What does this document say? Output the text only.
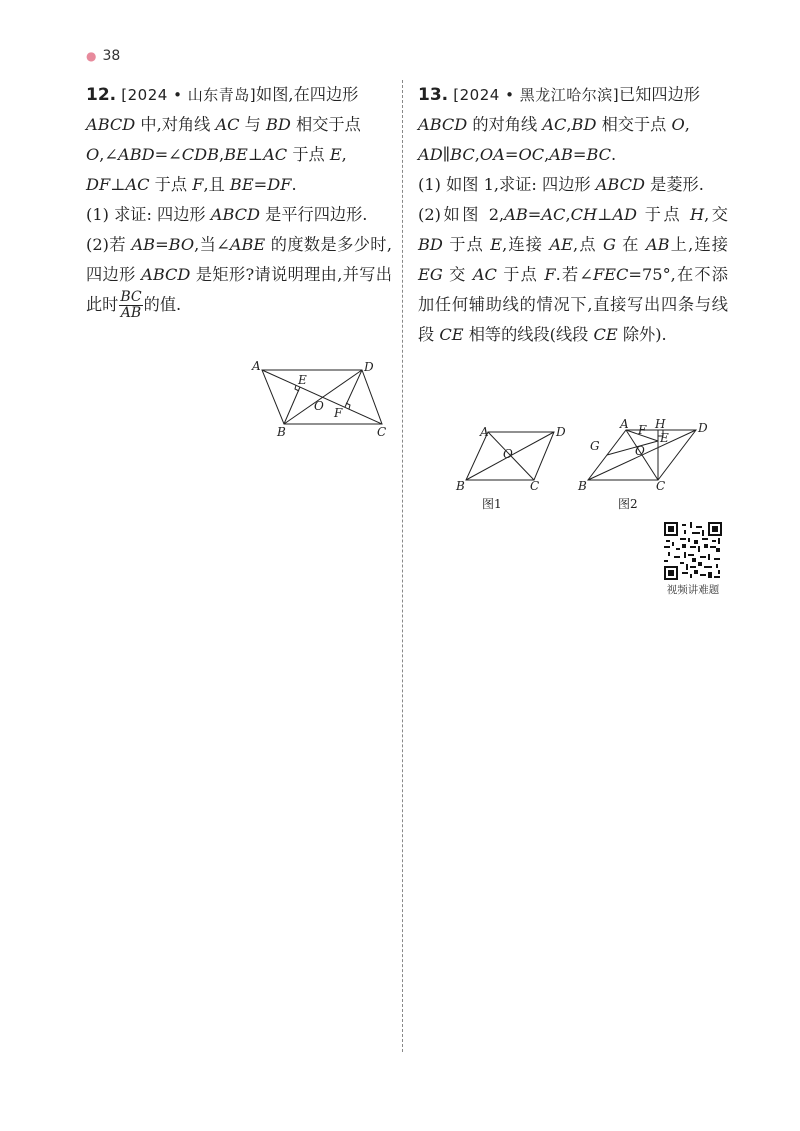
● 38

12. [2024 • 山东青岛]如图,在四边形
ABCD 中,对角线 AC 与 BD 相交于点
O,∠ABD=∠CDB,BE⊥AC 于点 E,
DF⊥AC 于点 F,且 BE=DF.

(1) 求证: 四边形 ABCD 是平行四边形.

(2)若 AB=BO,当∠ABE 的度数是多少时,四边形 ABCD 是矩形?请说明理由,并写出此时 $\frac{BC}{AB}$ 的值.

A	D
B	C
E
O F

13. [2024 • 黑龙江哈尔滨]已知四边形
ABCD 的对角线 AC,BD 相交于点 O,
AD∥BC,OA=OC,AB=BC.

(1) 如图 1,求证: 四边形 ABCD 是菱形.

(2)如图 2,AB=AC,CH⊥AD 于点 H,交 BD 于点 E,连接 AE,点 G 在 AB上,连接 EG 交 AC 于点 F.若∠FEC=75°,在不添加任何辅助线的情况下,直接写出四条与线段 CE 相等的线段(线段 CE 除外).

A	D
B	C
O
图1
A H	D
F
E
G	O
B	C
图2
视频讲难题
